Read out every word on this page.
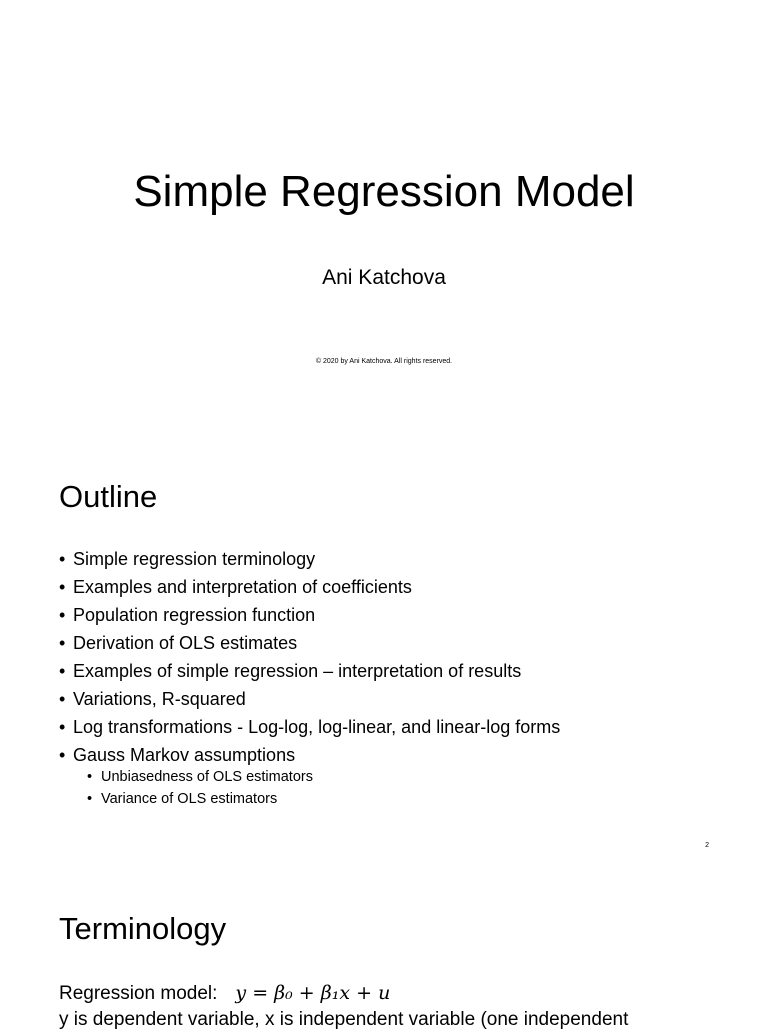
Simple Regression Model
Ani Katchova
© 2020 by Ani Katchova. All rights reserved.
Outline
• Simple regression terminology
• Examples and interpretation of coefficients
• Population regression function
• Derivation of OLS estimates
• Examples of simple regression – interpretation of results
• Variations, R-squared
• Log transformations - Log-log, log-linear, and linear-log forms
• Gauss Markov assumptions
• Unbiasedness of OLS estimators
• Variance of OLS estimators
2
Terminology
Regression model: y = β₀ + β₁x + u
y is dependent variable, x is independent variable (one independent
